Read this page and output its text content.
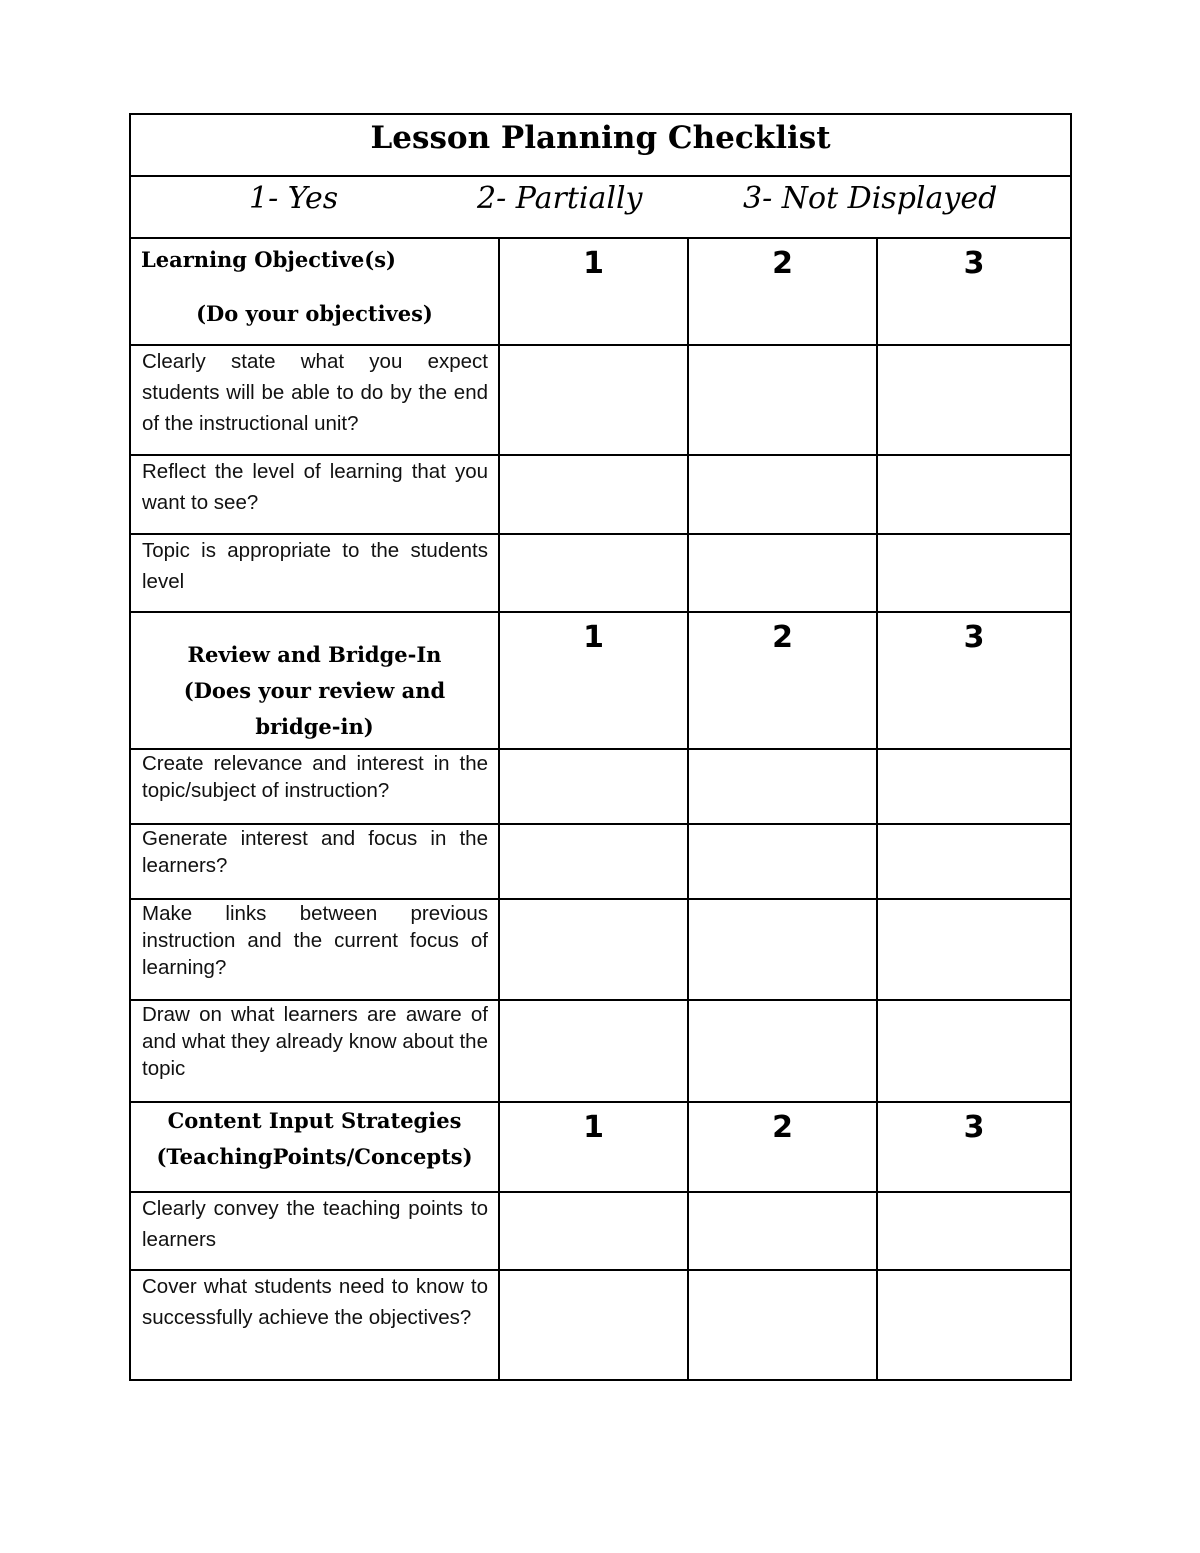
Lesson Planning Checklist			

1- Yes 2- Partially 3- Not Displayed			

Learning Objective(s)
(Do your objectives)	1	2	3
Clearly state what you expect students will be able to do by the end of the instructional unit?			
Reflect the level of learning that you want to see?			
Topic is appropriate to the students level			
Review and Bridge-In
(Does your review and bridge-in)	1	2	3
Create relevance and interest in the topic/subject of instruction?			
Generate interest and focus in the learners?			
Make links between previous instruction and the current focus of learning?			
Draw on what learners are aware of and what they already know about the topic			
Content Input Strategies
(TeachingPoints/Concepts)	1	2	3
Clearly convey the teaching points to learners			
Cover what students need to know to successfully achieve the objectives?			
